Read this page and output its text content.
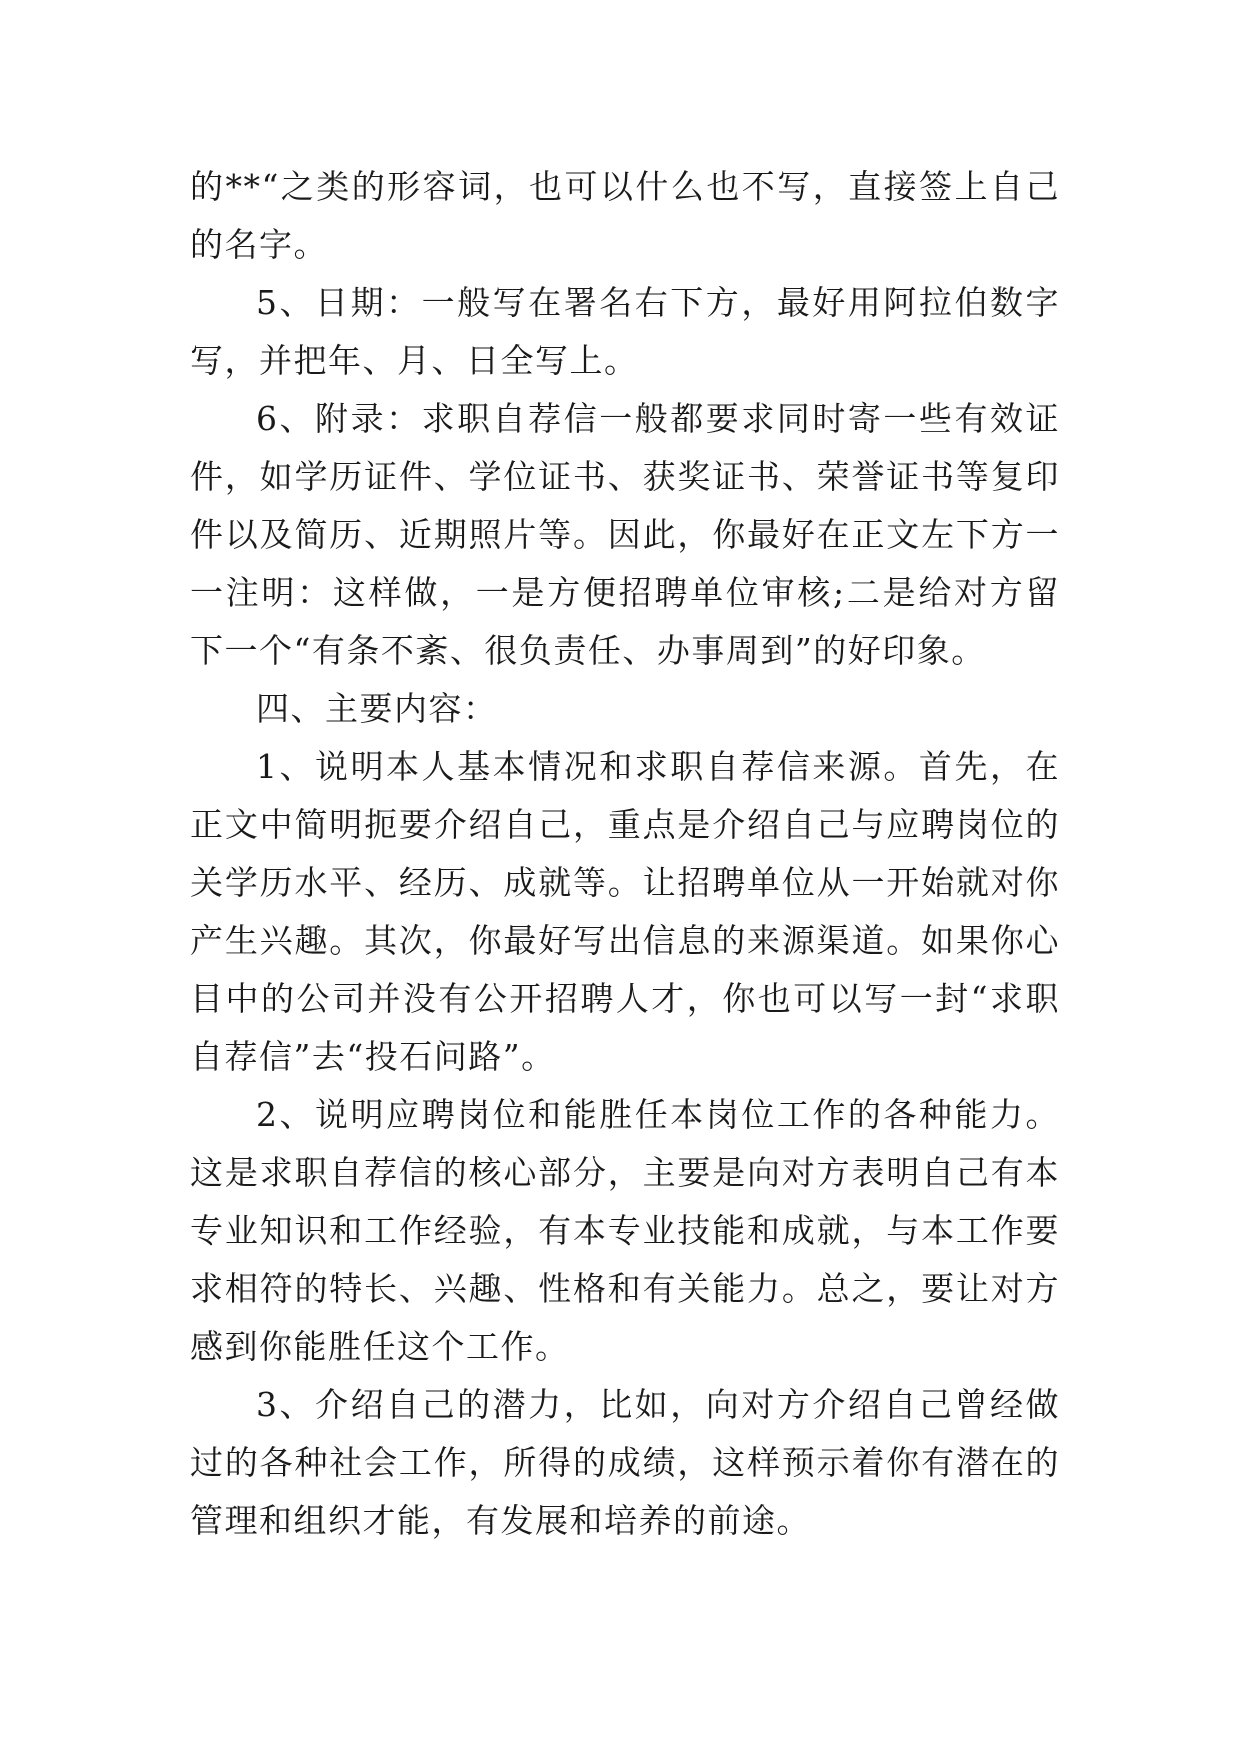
的**“之类的形容词，也可以什么也不写，直接签上自己的名字。

5、日期：一般写在署名右下方，最好用阿拉伯数字写，并把年、月、日全写上。

6、附录：求职自荐信一般都要求同时寄一些有效证件，如学历证件、学位证书、获奖证书、荣誉证书等复印件以及简历、近期照片等。因此，你最好在正文左下方一一注明：这样做，一是方便招聘单位审核;二是给对方留下一个“有条不紊、很负责任、办事周到”的好印象。

四、主要内容：

1、说明本人基本情况和求职自荐信来源。首先，在正文中简明扼要介绍自己，重点是介绍自己与应聘岗位的关学历水平、经历、成就等。让招聘单位从一开始就对你产生兴趣。其次，你最好写出信息的来源渠道。如果你心目中的公司并没有公开招聘人才，你也可以写一封“求职自荐信”去“投石问路”。

2、说明应聘岗位和能胜任本岗位工作的各种能力。这是求职自荐信的核心部分，主要是向对方表明自己有本专业知识和工作经验，有本专业技能和成就，与本工作要求相符的特长、兴趣、性格和有关能力。总之，要让对方感到你能胜任这个工作。

3、介绍自己的潜力，比如，向对方介绍自己曾经做过的各种社会工作，所得的成绩，这样预示着你有潜在的管理和组织才能，有发展和培养的前途。
